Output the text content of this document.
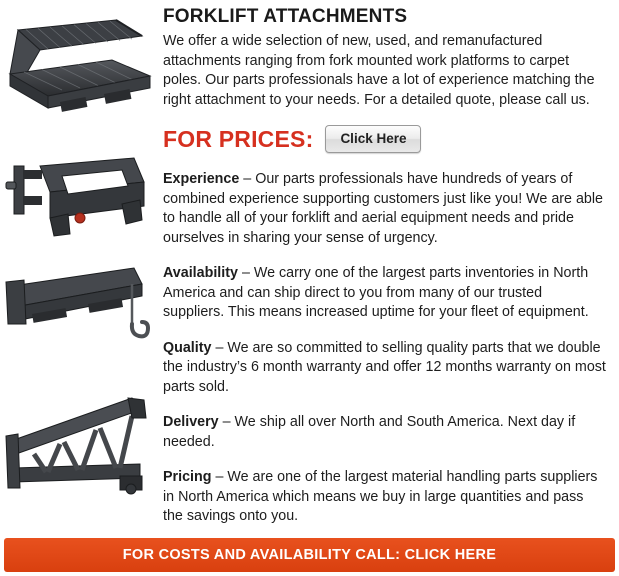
FORKLIFT ATTACHMENTS

We offer a wide selection of new, used, and remanufactured attachments ranging from fork mounted work platforms to carpet poles. Our parts professionals have a lot of experience matching the right attachment to your needs. For a detailed quote, please call us.

FOR PRICES:	Click Here

Experience – Our parts professionals have hundreds of years of combined experience supporting customers just like you! We are able to handle all of your forklift and aerial equipment needs and pride ourselves in sharing your sense of urgency.

Availability – We carry one of the largest parts inventories in North America and can ship direct to you from many of our trusted suppliers. This means increased uptime for your fleet of equipment.

Quality – We are so committed to selling quality parts that we double the industry’s 6 month warranty and offer 12 months warranty on most parts sold.

Delivery – We ship all over North and South America. Next day if needed.

Pricing – We are one of the largest material handling parts suppliers in North America which means we buy in large quantities and pass the savings onto you.

FOR COSTS AND AVAILABILITY CALL: CLICK HERE
